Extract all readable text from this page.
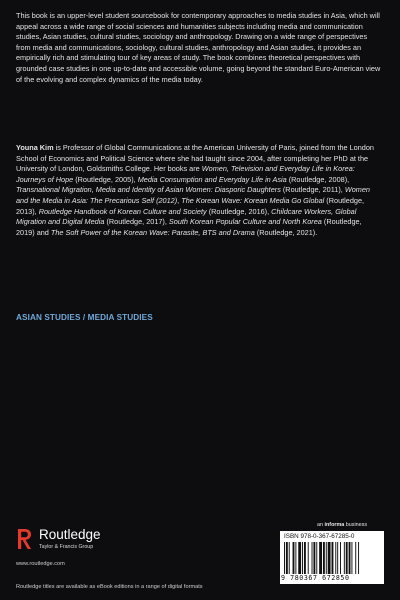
This book is an upper-level student sourcebook for contemporary approaches to media studies in Asia, which will appeal across a wide range of social sciences and humanities subjects including media and communication studies, Asian studies, cultural studies, sociology and anthropology. Drawing on a wide range of perspectives from media and communications, sociology, cultural studies, anthropology and Asian studies, it provides an empirically rich and stimulating tour of key areas of study. The book combines theoretical perspectives with grounded case studies in one up-to-date and accessible volume, going beyond the standard Euro-American view of the evolving and complex dynamics of the media today.

Youna Kim is Professor of Global Communications at the American University of Paris, joined from the London School of Economics and Political Science where she had taught since 2004, after completing her PhD at the University of London, Goldsmiths College. Her books are Women, Television and Everyday Life in Korea: Journeys of Hope (Routledge, 2005), Media Consumption and Everyday Life in Asia (Routledge, 2008), Transnational Migration, Media and Identity of Asian Women: Diasporic Daughters (Routledge, 2011), Women and the Media in Asia: The Precarious Self (2012), The Korean Wave: Korean Media Go Global (Routledge, 2013), Routledge Handbook of Korean Culture and Society (Routledge, 2016), Childcare Workers, Global Migration and Digital Media (Routledge, 2017), South Korean Popular Culture and North Korea (Routledge, 2019) and The Soft Power of the Korean Wave: Parasite, BTS and Drama (Routledge, 2021).

ASIAN STUDIES / MEDIA STUDIES
Routledge
Taylor & Francis Group
www.routledge.com
Routledge titles are available as eBook editions in a range of digital formats
an informa business
ISBN 978-0-367-67285-0
9 780367 672850
